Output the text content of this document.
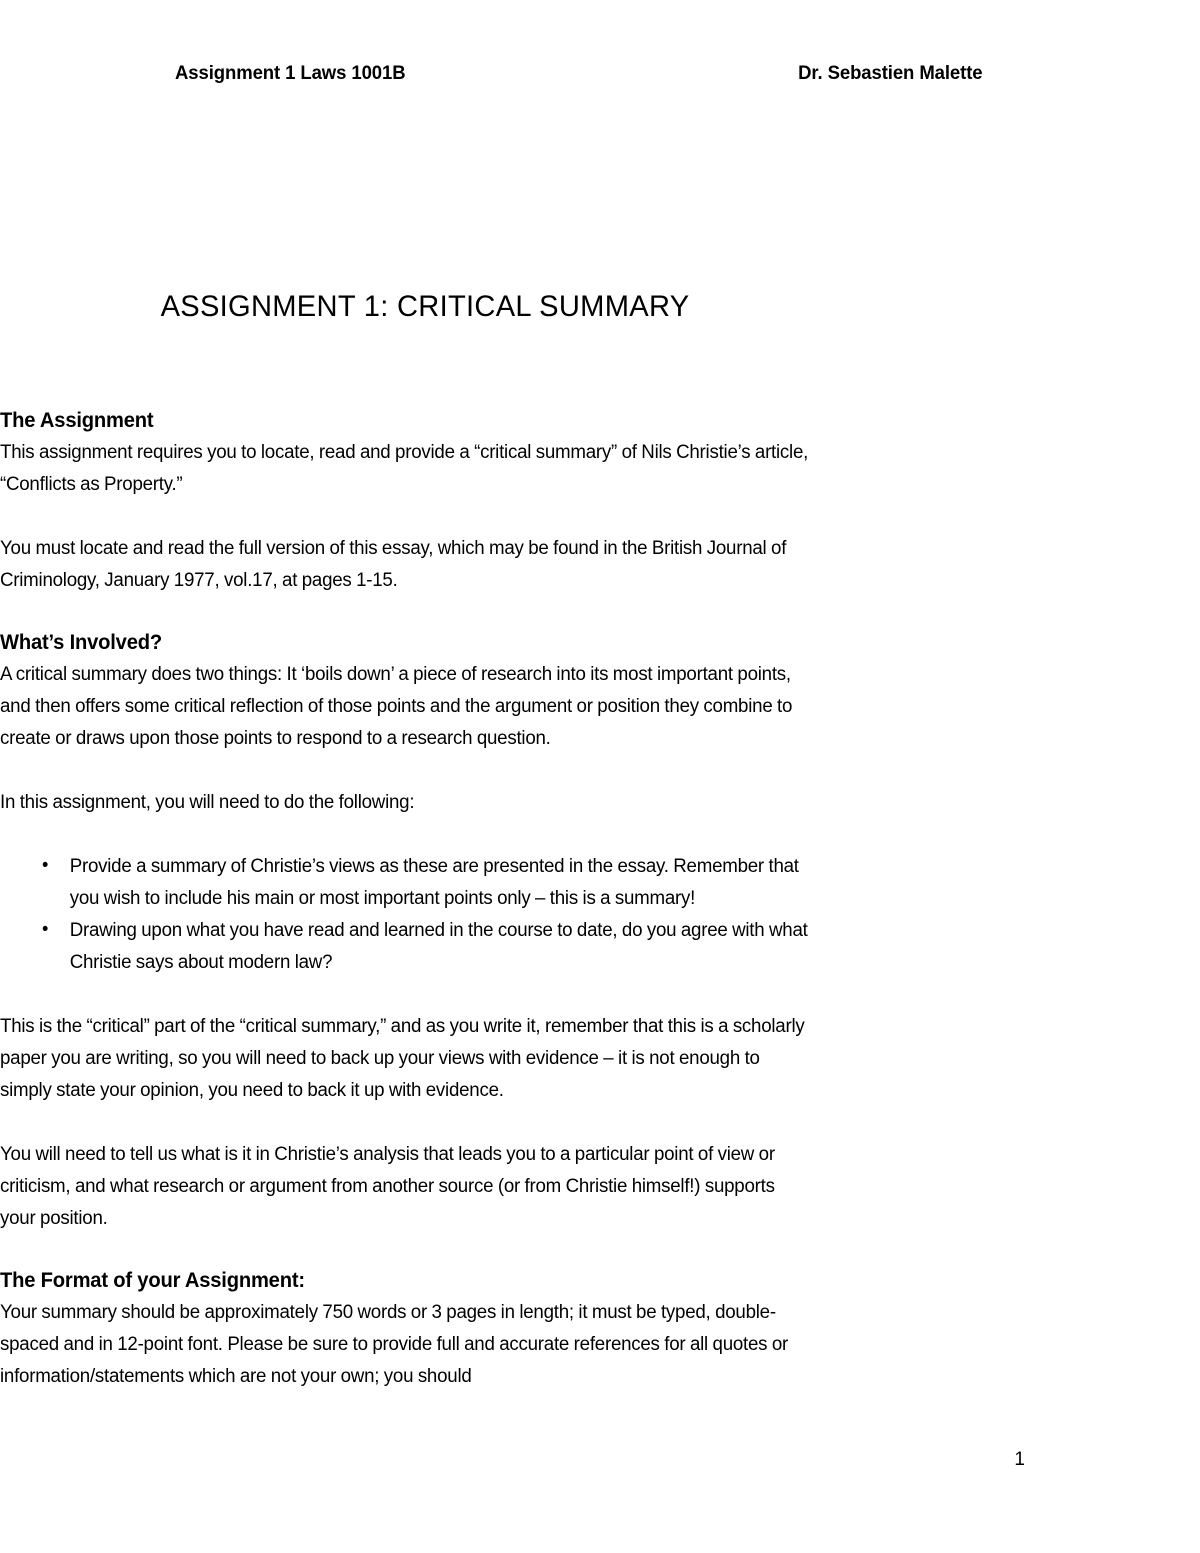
Assignment 1 Laws 1001B	Dr. Sebastien Malette
ASSIGNMENT 1: CRITICAL SUMMARY
The Assignment

This assignment requires you to locate, read and provide a “critical summary” of Nils Christie’s article, “Conflicts as Property.”

You must locate and read the full version of this essay, which may be found in the British Journal of Criminology, January 1977, vol.17, at pages 1-15.

What’s Involved?

A critical summary does two things: It ‘boils down’ a piece of research into its most important points, and then offers some critical reflection of those points and the argument or position they combine to create or draws upon those points to respond to a research question.

In this assignment, you will need to do the following:

• Provide a summary of Christie’s views as these are presented in the essay. Remember that you wish to include his main or most important points only – this is a summary!
• Drawing upon what you have read and learned in the course to date, do you agree with what Christie says about modern law?

This is the “critical” part of the “critical summary,” and as you write it, remember that this is a scholarly paper you are writing, so you will need to back up your views with evidence – it is not enough to simply state your opinion, you need to back it up with evidence.

You will need to tell us what is it in Christie’s analysis that leads you to a particular point of view or criticism, and what research or argument from another source (or from Christie himself!) supports your position.

The Format of your Assignment:

Your summary should be approximately 750 words or 3 pages in length; it must be typed, double-spaced and in 12-point font. Please be sure to provide full and accurate references for all quotes or information/statements which are not your own; you should

1
